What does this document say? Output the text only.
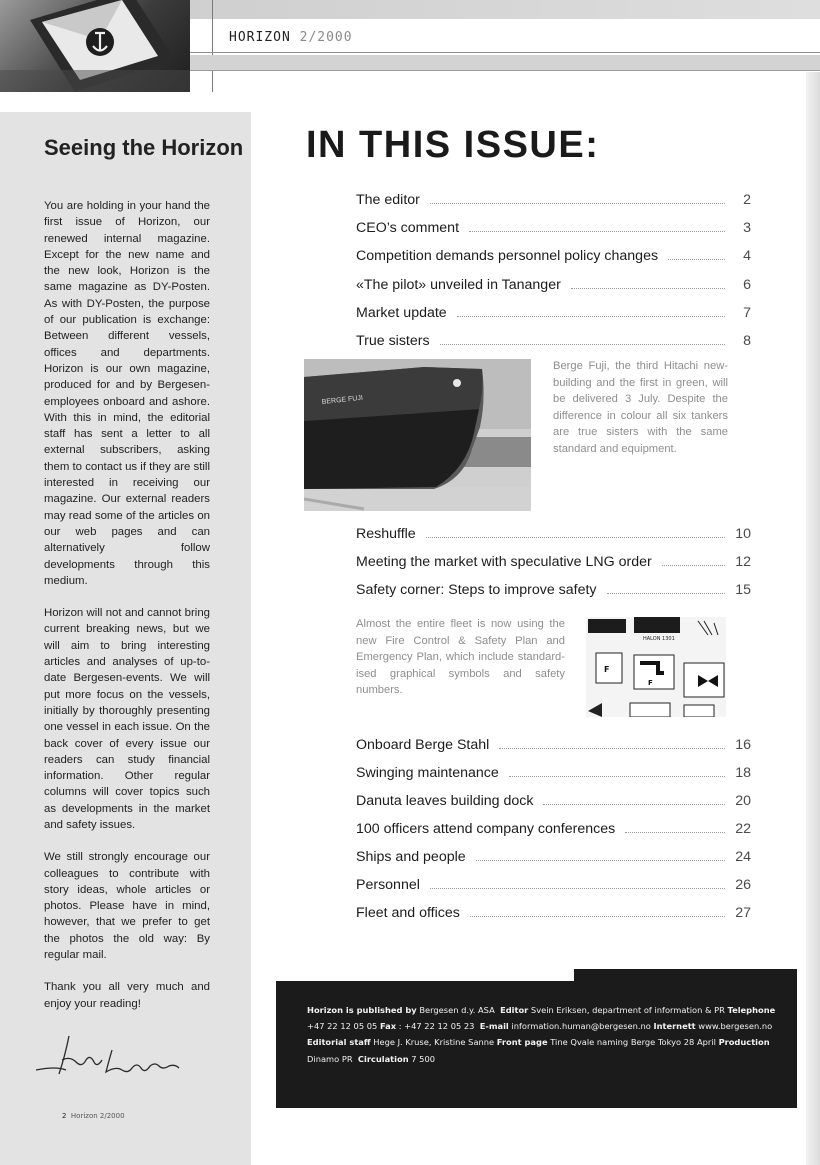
HORIZON 2/2000
Seeing the Horizon

You are holding in your hand the first issue of Horizon, our renewed internal magazine. Except for the new name and the new look, Horizon is the same magazine as DY-Posten. As with DY-Posten, the purpose of our publication is exchange: Between different vessels, offices and departments. Horizon is our own magazine, produced for and by Bergesen-employees onboard and ashore. With this in mind, the editorial staff has sent a letter to all external subscribers, asking them to contact us if they are still interested in receiving our magazine. Our external readers may read some of the articles on our web pages and can alternatively follow developments through this medium.

Horizon will not and cannot bring current breaking news, but we will aim to bring interesting articles and analyses of up-to-date Bergesen-events. We will put more focus on the vessels, initially by thoroughly presenting one vessel in each issue. On the back cover of every issue our readers can study financial information. Other regular columns will cover topics such as developments in the market and safety issues.

We still strongly encourage our colleagues to contribute with story ideas, whole articles or photos. Please have in mind, however, that we prefer to get the photos the old way: By regular mail.

Thank you all very much and enjoy your reading!

2 Horizon 2/2000
IN THIS ISSUE:
The editor	2
CEO’s comment	3
Competition demands personnel policy changes	4
«The pilot» unveiled in Tananger	6
Market update	7
True sisters	8
BERGE FUJI

Berge Fuji, the third Hitachi new-building and the first in green, will be delivered 3 July. Despite the difference in colour all six tankers are true sisters with the same standard and equipment.

Reshuffle	10
Meeting the market with speculative LNG order	12
Safety corner: Steps to improve safety	15

Almost the entire fleet is now using the new Fire Control & Safety Plan and Emergency Plan, which include standard-ised graphical symbols and safety numbers.

HALON 1301
F
F
Onboard Berge Stahl	16
Swinging maintenance	18
Danuta leaves building dock	20
100 officers attend company conferences	22
Ships and people	24
Personnel	26
Fleet and offices	27
Horizon is published by Bergesen d.y. ASA Editor Svein Eriksen, department of information & PR Telephone +47 22 12 05 05 Fax : +47 22 12 05 23 E-mail information.human@bergesen.no Internett www.bergesen.no Editorial staff Hege J. Kruse, Kristine Sanne Front page Tine Qvale naming Berge Tokyo 28 April Production Dinamo PR Circulation 7 500
